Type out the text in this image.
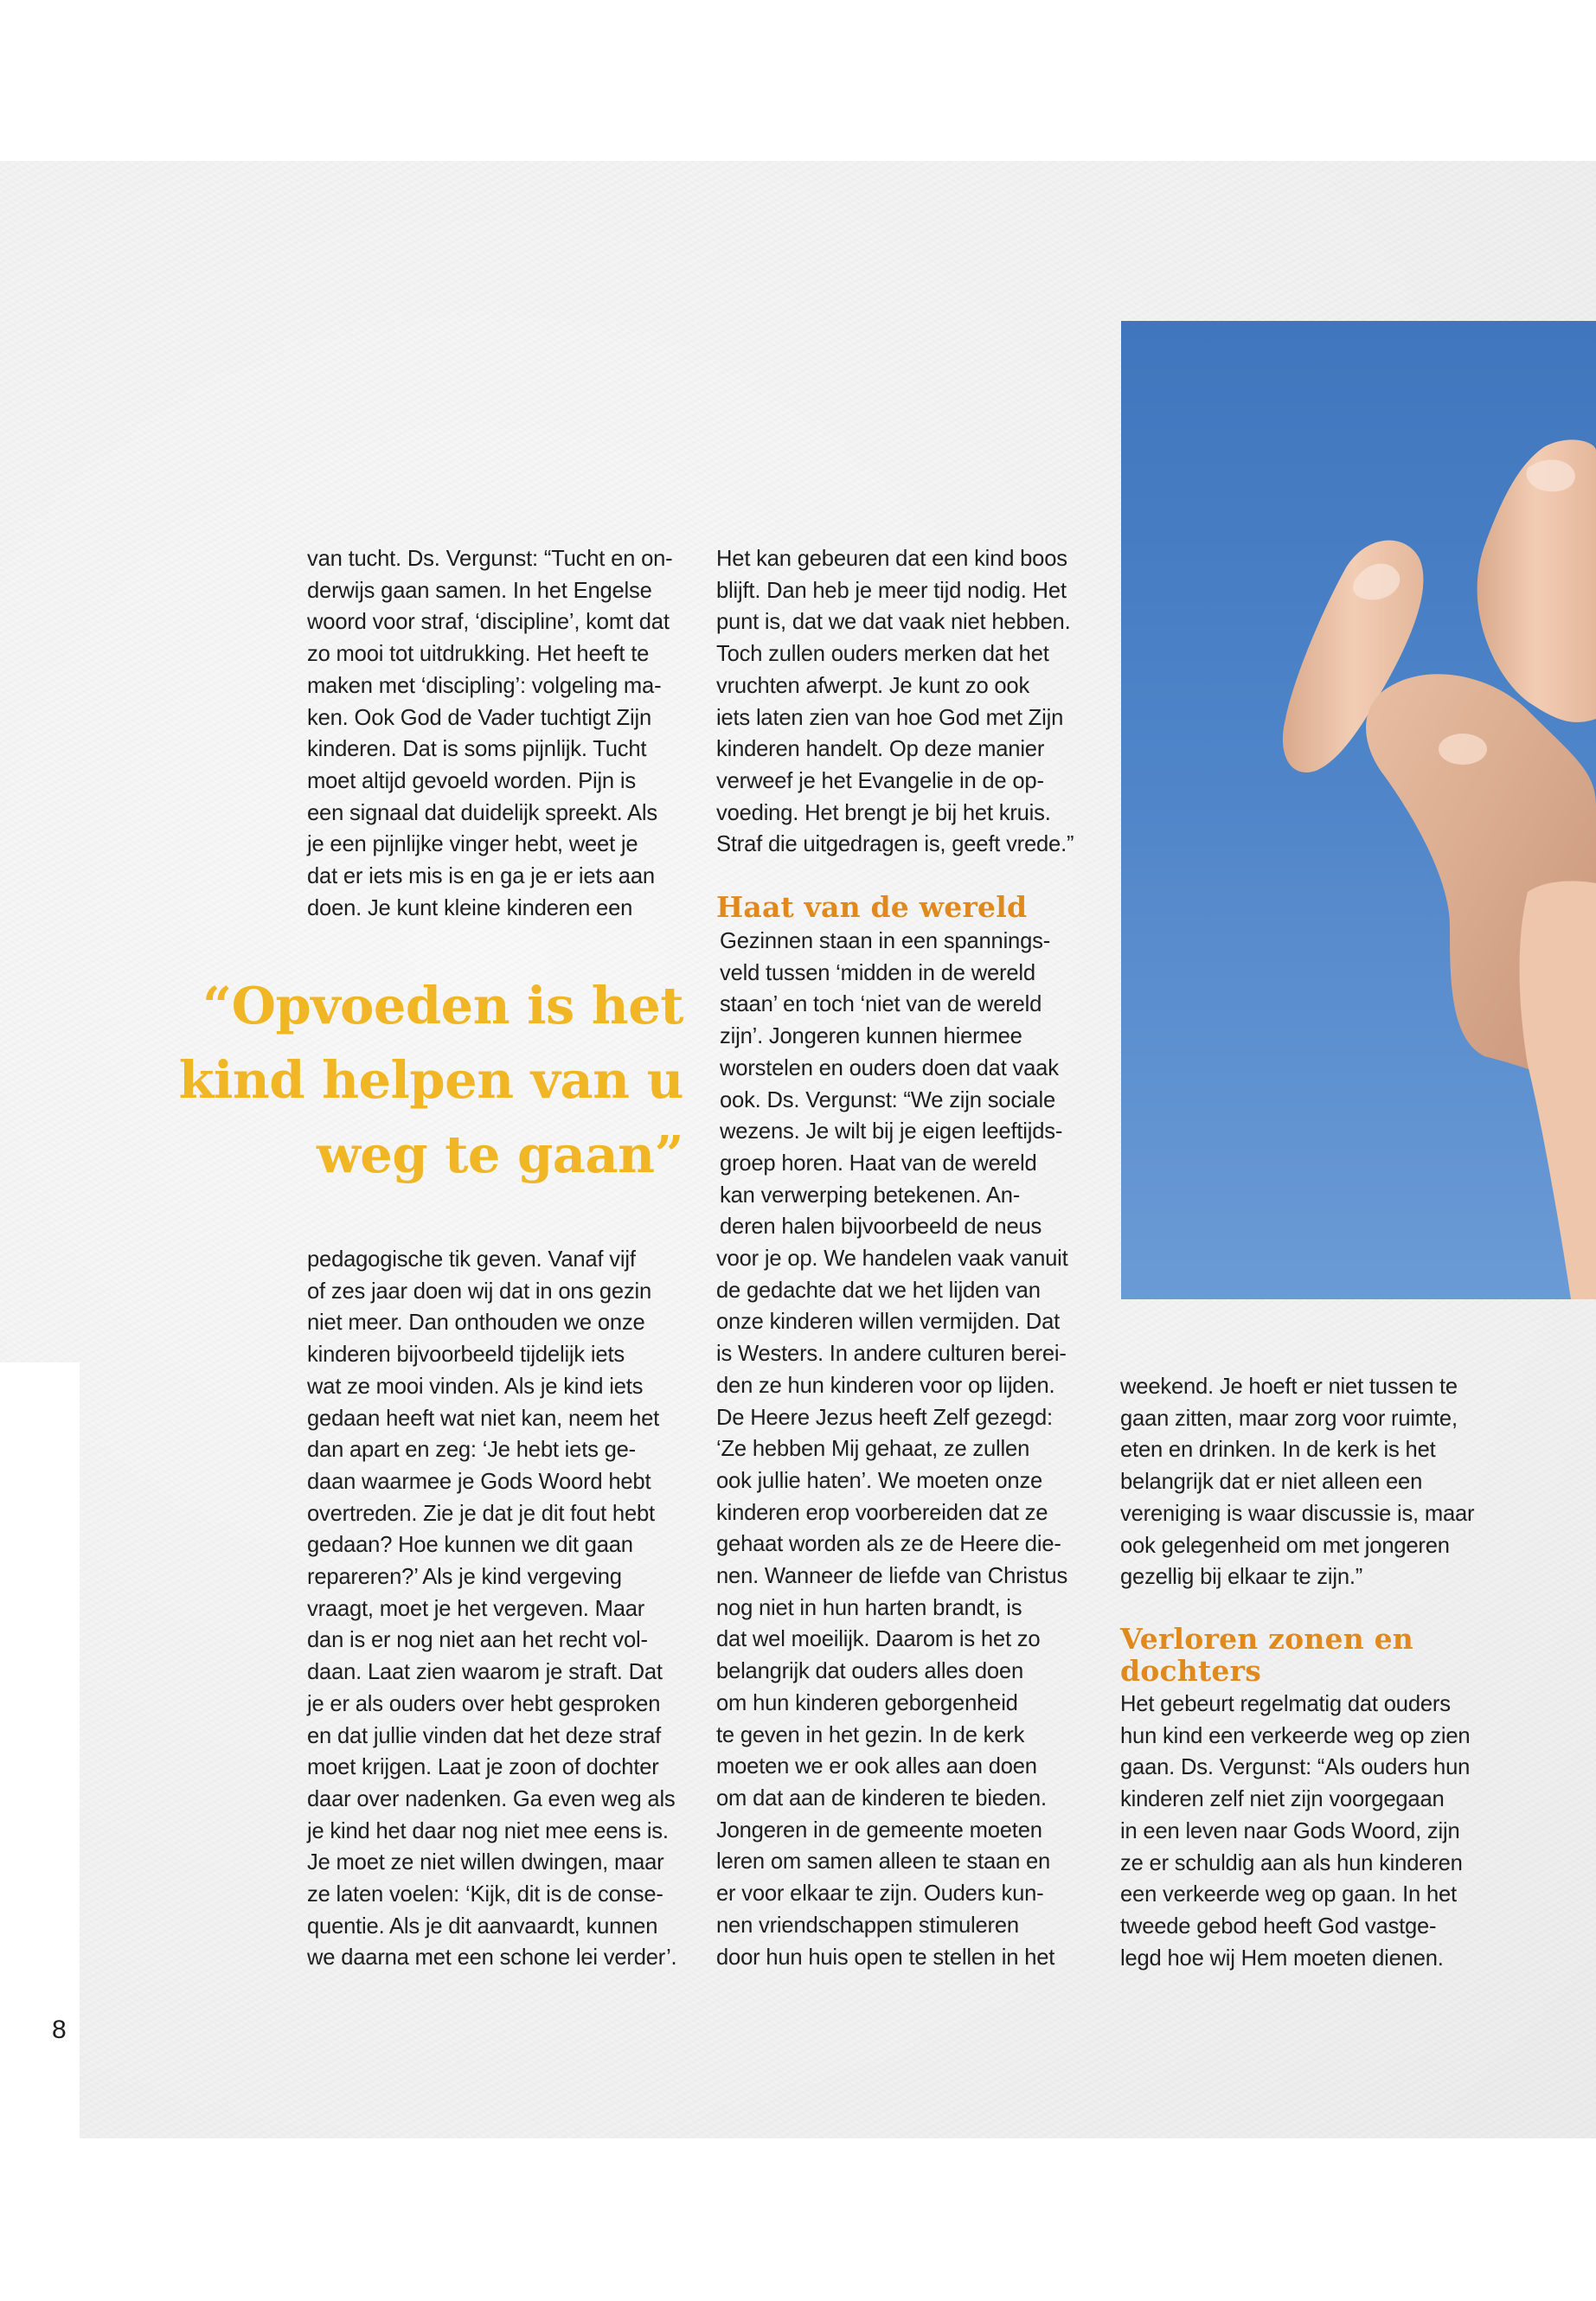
van tucht. Ds. Vergunst: “Tucht en on-

derwijs gaan samen. In het Engelse

woord voor straf, ‘discipline’, komt dat

zo mooi tot uitdrukking. Het heeft te

maken met ‘discipling’: volgeling ma-

ken. Ook God de Vader tuchtigt Zijn

kinderen. Dat is soms pijnlijk. Tucht

moet altijd gevoeld worden. Pijn is

een signaal dat duidelijk spreekt. Als

je een pijnlijke vinger hebt, weet je

dat er iets mis is en ga je er iets aan

doen. Je kunt kleine kinderen een

“Opvoeden is het

kind helpen van u

weg te gaan”

pedagogische tik geven. Vanaf vijf

of zes jaar doen wij dat in ons gezin

niet meer. Dan onthouden we onze

kinderen bijvoorbeeld tijdelijk iets

wat ze mooi vinden. Als je kind iets

gedaan heeft wat niet kan, neem het

dan apart en zeg: ‘Je hebt iets ge-

daan waarmee je Gods Woord hebt

overtreden. Zie je dat je dit fout hebt

gedaan? Hoe kunnen we dit gaan

repareren?’ Als je kind vergeving

vraagt, moet je het vergeven. Maar

dan is er nog niet aan het recht vol-

daan. Laat zien waarom je straft. Dat

je er als ouders over hebt gesproken

en dat jullie vinden dat het deze straf

moet krijgen. Laat je zoon of dochter

daar over nadenken. Ga even weg als

je kind het daar nog niet mee eens is.

Je moet ze niet willen dwingen, maar

ze laten voelen: ‘Kijk, dit is de conse-

quentie. Als je dit aanvaardt, kunnen

we daarna met een schone lei verder’.

Het kan gebeuren dat een kind boos

blijft. Dan heb je meer tijd nodig. Het

punt is, dat we dat vaak niet hebben.

Toch zullen ouders merken dat het

vruchten afwerpt. Je kunt zo ook

iets laten zien van hoe God met Zijn

kinderen handelt. Op deze manier

verweef je het Evangelie in de op-

voeding. Het brengt je bij het kruis.

Straf die uitgedragen is, geeft vrede.”

Haat van de wereld

Gezinnen staan in een spannings-

veld tussen ‘midden in de wereld

staan’ en toch ‘niet van de wereld

zijn’. Jongeren kunnen hiermee

worstelen en ouders doen dat vaak

ook. Ds. Vergunst: “We zijn sociale

wezens. Je wilt bij je eigen leeftijds-

groep horen. Haat van de wereld

kan verwerping betekenen. An-

deren halen bijvoorbeeld de neus

voor je op. We handelen vaak vanuit

de gedachte dat we het lijden van

onze kinderen willen vermijden. Dat

is Westers. In andere culturen berei-

den ze hun kinderen voor op lijden.

De Heere Jezus heeft Zelf gezegd:

‘Ze hebben Mij gehaat, ze zullen

ook jullie haten’. We moeten onze

kinderen erop voorbereiden dat ze

gehaat worden als ze de Heere die-

nen. Wanneer de liefde van Christus

nog niet in hun harten brandt, is

dat wel moeilijk. Daarom is het zo

belangrijk dat ouders alles doen

om hun kinderen geborgenheid

te geven in het gezin. In de kerk

moeten we er ook alles aan doen

om dat aan de kinderen te bieden.

Jongeren in de gemeente moeten

leren om samen alleen te staan en

er voor elkaar te zijn. Ouders kun-

nen vriendschappen stimuleren

door hun huis open te stellen in het

weekend. Je hoeft er niet tussen te

gaan zitten, maar zorg voor ruimte,

eten en drinken. In de kerk is het

belangrijk dat er niet alleen een

vereniging is waar discussie is, maar

ook gelegenheid om met jongeren

gezellig bij elkaar te zijn.”

Verloren zonen en

dochters

Het gebeurt regelmatig dat ouders

hun kind een verkeerde weg op zien

gaan. Ds. Vergunst: “Als ouders hun

kinderen zelf niet zijn voorgegaan

in een leven naar Gods Woord, zijn

ze er schuldig aan als hun kinderen

een verkeerde weg op gaan. In het

tweede gebod heeft God vastge-

legd hoe wij Hem moeten dienen.

8
